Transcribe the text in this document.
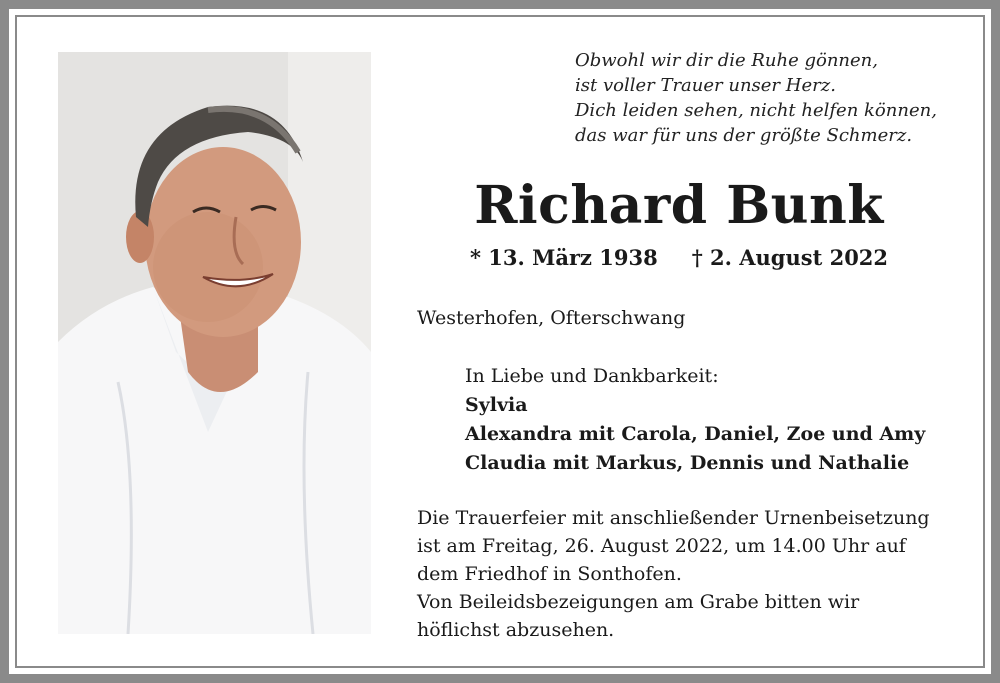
Obwohl wir dir die Ruhe gönnen,
ist voller Trauer unser Herz.
Dich leiden sehen, nicht helfen können,
das war für uns der größte Schmerz.
Richard Bunk
* 13. März 1938 † 2. August 2022
Westerhofen, Ofterschwang
In Liebe und Dankbarkeit:
Sylvia
Alexandra mit Carola, Daniel, Zoe und Amy
Claudia mit Markus, Dennis und Nathalie
Die Trauerfeier mit anschließender Urnenbeisetzung
ist am Freitag, 26. August 2022, um 14.00 Uhr auf
dem Friedhof in Sonthofen.
Von Beileidsbezeigungen am Grabe bitten wir
höflichst abzusehen.
